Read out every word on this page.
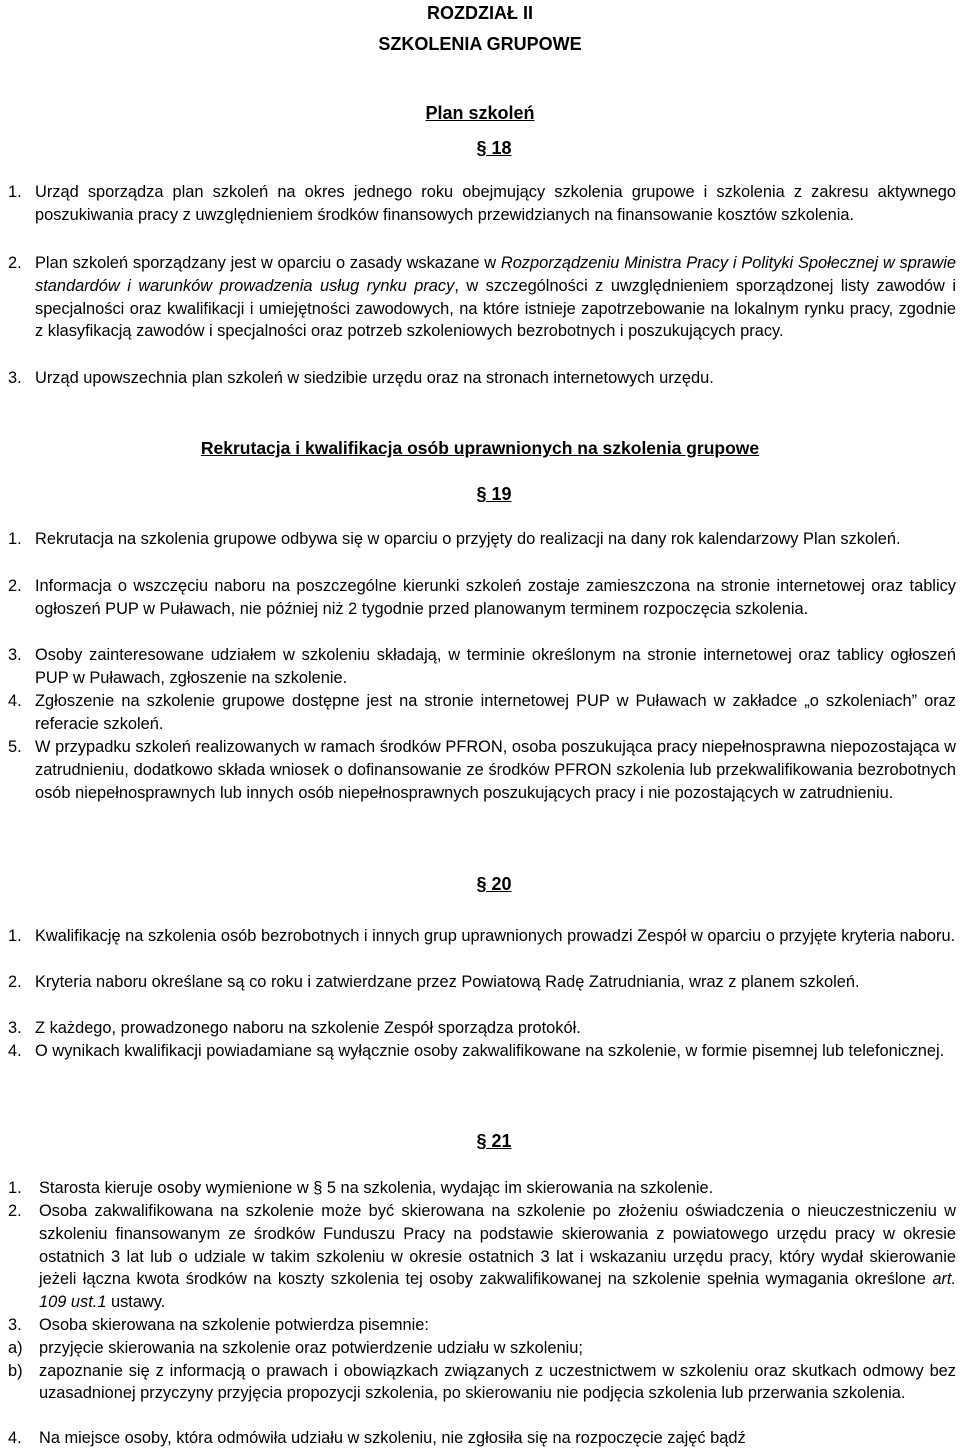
ROZDZIAŁ II
SZKOLENIA GRUPOWE
Plan szkoleń
§ 18
1. Urząd sporządza plan szkoleń na okres jednego roku obejmujący szkolenia grupowe i szkolenia z zakresu aktywnego poszukiwania pracy z uwzględnieniem środków finansowych przewidzianych na finansowanie kosztów szkolenia.
2. Plan szkoleń sporządzany jest w oparciu o zasady wskazane w Rozporządzeniu Ministra Pracy i Polityki Społecznej w sprawie standardów i warunków prowadzenia usług rynku pracy, w szczególności z uwzględnieniem sporządzonej listy zawodów i specjalności oraz kwalifikacji i umiejętności zawodowych, na które istnieje zapotrzebowanie na lokalnym rynku pracy, zgodnie z klasyfikacją zawodów i specjalności oraz potrzeb szkoleniowych bezrobotnych i poszukujących pracy.
3. Urząd upowszechnia plan szkoleń w siedzibie urzędu oraz na stronach internetowych urzędu.
Rekrutacja i kwalifikacja osób uprawnionych na szkolenia grupowe
§ 19
1. Rekrutacja na szkolenia grupowe odbywa się w oparciu o przyjęty do realizacji na dany rok kalendarzowy Plan szkoleń.
2. Informacja o wszczęciu naboru na poszczególne kierunki szkoleń zostaje zamieszczona na stronie internetowej oraz tablicy ogłoszeń PUP w Puławach, nie później niż 2 tygodnie przed planowanym terminem rozpoczęcia szkolenia.
3. Osoby zainteresowane udziałem w szkoleniu składają, w terminie określonym na stronie internetowej oraz tablicy ogłoszeń PUP w Puławach, zgłoszenie na szkolenie.
4. Zgłoszenie na szkolenie grupowe dostępne jest na stronie internetowej PUP w Puławach w zakładce „o szkoleniach” oraz referacie szkoleń.
5. W przypadku szkoleń realizowanych w ramach środków PFRON, osoba poszukująca pracy niepełnosprawna niepozostająca w zatrudnieniu, dodatkowo składa wniosek o dofinansowanie ze środków PFRON szkolenia lub przekwalifikowania bezrobotnych osób niepełnosprawnych lub innych osób niepełnosprawnych poszukujących pracy i nie pozostających w zatrudnieniu.
§ 20
1. Kwalifikację na szkolenia osób bezrobotnych i innych grup uprawnionych prowadzi Zespół w oparciu o przyjęte kryteria naboru.
2. Kryteria naboru określane są co roku i zatwierdzane przez Powiatową Radę Zatrudniania, wraz z planem szkoleń.
3. Z każdego, prowadzonego naboru na szkolenie Zespół sporządza protokół.
4. O wynikach kwalifikacji powiadamiane są wyłącznie osoby zakwalifikowane na szkolenie, w formie pisemnej lub telefonicznej.
§ 21
1. Starosta kieruje osoby wymienione w § 5 na szkolenia, wydając im skierowania na szkolenie.
2. Osoba zakwalifikowana na szkolenie może być skierowana na szkolenie po złożeniu oświadczenia o nieuczestniczeniu w szkoleniu finansowanym ze środków Funduszu Pracy na podstawie skierowania z powiatowego urzędu pracy w okresie ostatnich 3 lat lub o udziale w takim szkoleniu w okresie ostatnich 3 lat i wskazaniu urzędu pracy, który wydał skierowanie jeżeli łączna kwota środków na koszty szkolenia tej osoby zakwalifikowanej na szkolenie spełnia wymagania określone art. 109 ust.1 ustawy.
3. Osoba skierowana na szkolenie potwierdza pisemnie:
a) przyjęcie skierowania na szkolenie oraz potwierdzenie udziału w szkoleniu;
b) zapoznanie się z informacją o prawach i obowiązkach związanych z uczestnictwem w szkoleniu oraz skutkach odmowy bez uzasadnionej przyczyny przyjęcia propozycji szkolenia, po skierowaniu nie podjęcia szkolenia lub przerwania szkolenia.
4. Na miejsce osoby, która odmówiła udziału w szkoleniu, nie zgłosiła się na rozpoczęcie zajęć bądź
